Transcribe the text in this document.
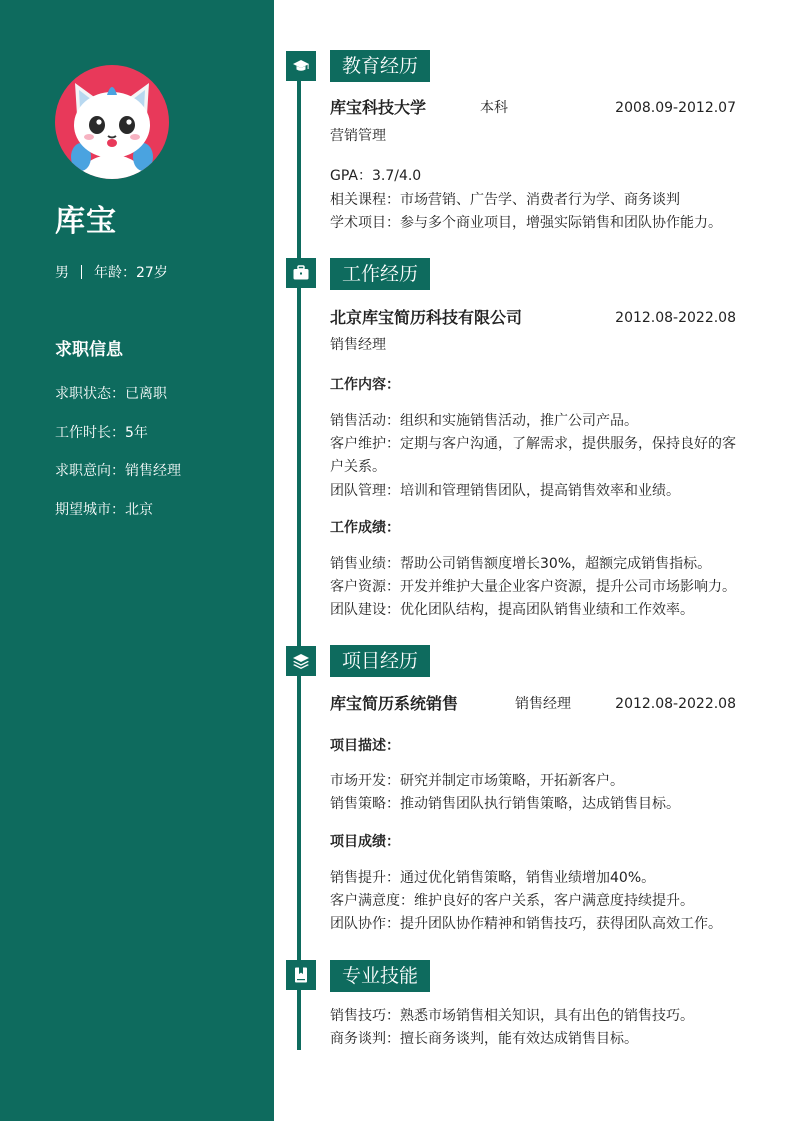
库宝
男 年龄：27岁
求职信息
求职状态：已离职
工作时长：5年
求职意向：销售经理
期望城市：北京
教育经历
库宝科技大学	本科	2008.09-2012.07
营销管理
GPA：3.7/4.0
相关课程：市场营销、广告学、消费者行为学、商务谈判
学术项目：参与多个商业项目，增强实际销售和团队协作能力。
工作经历
北京库宝简历科技有限公司	2012.08-2022.08
销售经理
工作内容：
销售活动：组织和实施销售活动，推广公司产品。
客户维护：定期与客户沟通，了解需求，提供服务，保持良好的客
户关系。
团队管理：培训和管理销售团队，提高销售效率和业绩。
工作成绩：
销售业绩：帮助公司销售额度增长30%，超额完成销售指标。
客户资源：开发并维护大量企业客户资源，提升公司市场影响力。
团队建设：优化团队结构，提高团队销售业绩和工作效率。
项目经历
库宝简历系统销售	销售经理	2012.08-2022.08
项目描述：
市场开发：研究并制定市场策略，开拓新客户。
销售策略：推动销售团队执行销售策略，达成销售目标。
项目成绩：
销售提升：通过优化销售策略，销售业绩增加40%。
客户满意度：维护良好的客户关系，客户满意度持续提升。
团队协作：提升团队协作精神和销售技巧，获得团队高效工作。
专业技能
销售技巧：熟悉市场销售相关知识，具有出色的销售技巧。
商务谈判：擅长商务谈判，能有效达成销售目标。
